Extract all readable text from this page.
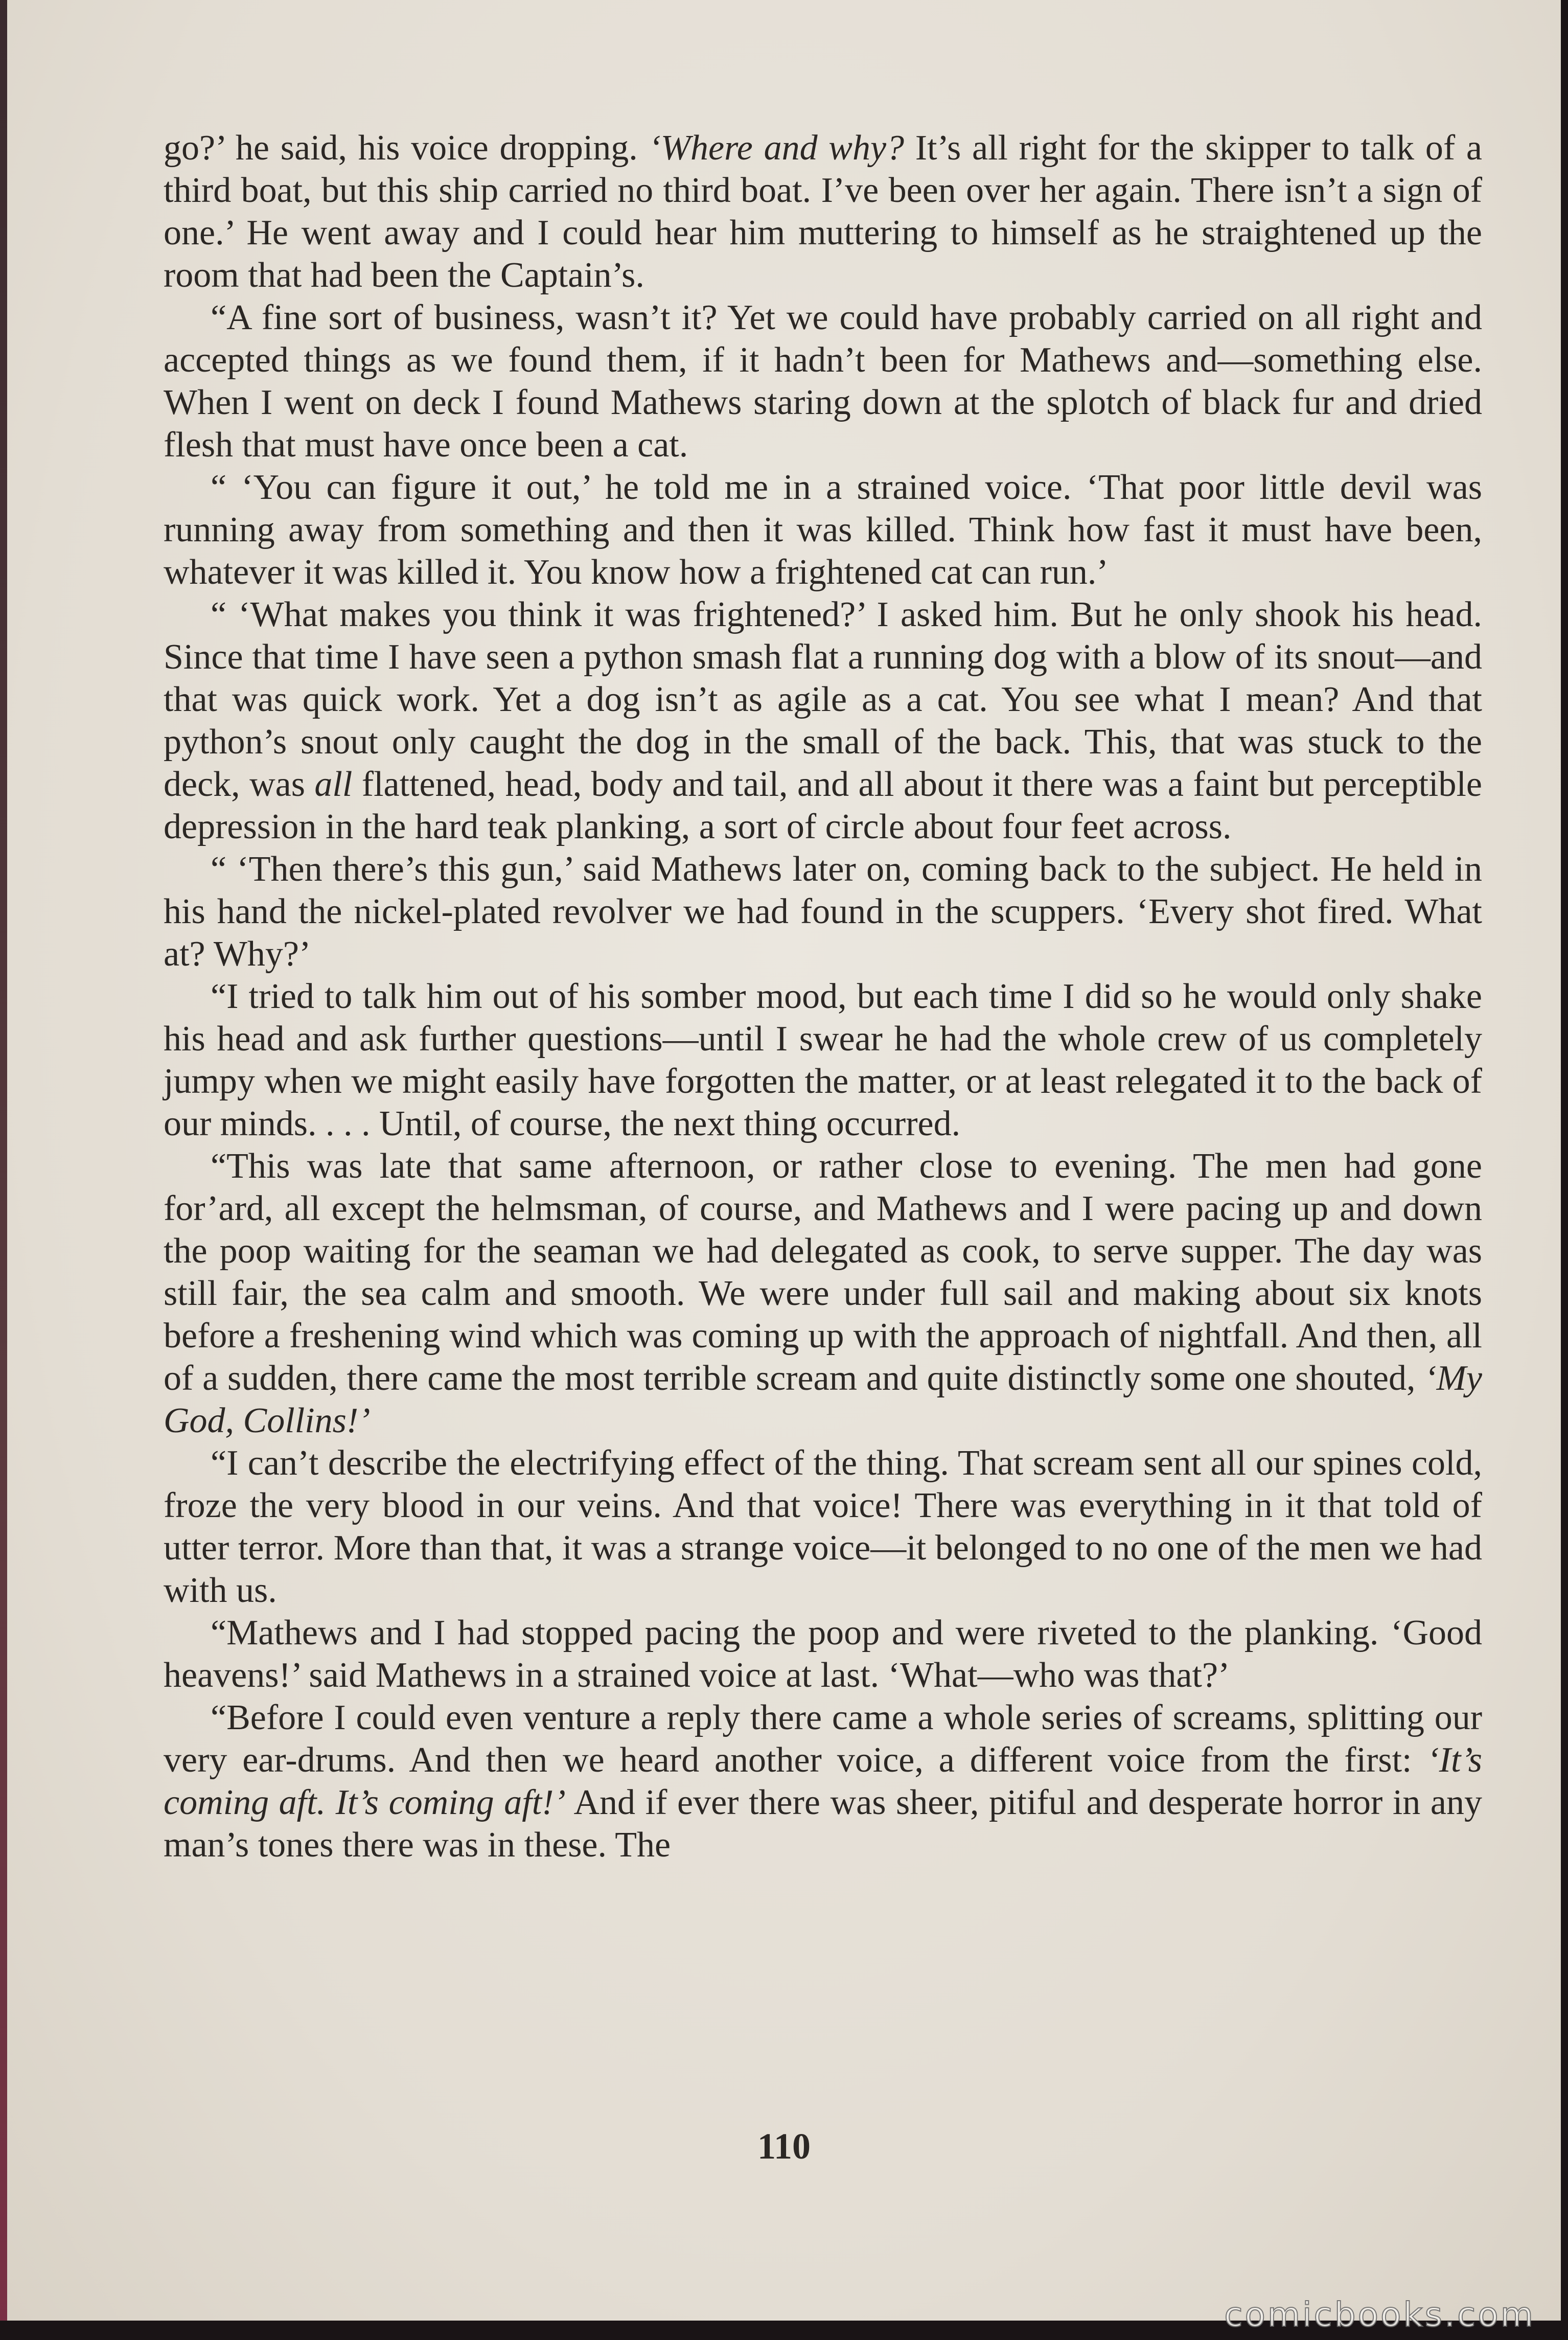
go?’ he said, his voice dropping. ‘Where and why? It’s all right for the skipper to talk of a third boat, but this ship carried no third boat. I’ve been over her again. There isn’t a sign of one.’ He went away and I could hear him muttering to himself as he straightened up the room that had been the Captain’s.

“A fine sort of business, wasn’t it? Yet we could have probably carried on all right and accepted things as we found them, if it hadn’t been for Mathews and—something else. When I went on deck I found Mathews staring down at the splotch of black fur and dried flesh that must have once been a cat.

“ ‘You can figure it out,’ he told me in a strained voice. ‘That poor little devil was running away from something and then it was killed. Think how fast it must have been, whatever it was killed it. You know how a frightened cat can run.’

“ ‘What makes you think it was frightened?’ I asked him. But he only shook his head. Since that time I have seen a python smash flat a running dog with a blow of its snout—and that was quick work. Yet a dog isn’t as agile as a cat. You see what I mean? And that python’s snout only caught the dog in the small of the back. This, that was stuck to the deck, was all flattened, head, body and tail, and all about it there was a faint but perceptible depression in the hard teak planking, a sort of circle about four feet across.

“ ‘Then there’s this gun,’ said Mathews later on, coming back to the subject. He held in his hand the nickel-plated revolver we had found in the scuppers. ‘Every shot fired. What at? Why?’

“I tried to talk him out of his somber mood, but each time I did so he would only shake his head and ask further questions—until I swear he had the whole crew of us completely jumpy when we might easily have forgotten the matter, or at least relegated it to the back of our minds. . . . Until, of course, the next thing occurred.

“This was late that same afternoon, or rather close to evening. The men had gone for’ard, all except the helmsman, of course, and Mathews and I were pacing up and down the poop waiting for the seaman we had delegated as cook, to serve supper. The day was still fair, the sea calm and smooth. We were under full sail and making about six knots before a freshening wind which was coming up with the approach of nightfall. And then, all of a sudden, there came the most terrible scream and quite distinctly some one shouted, ‘My God, Collins!’

“I can’t describe the electrifying effect of the thing. That scream sent all our spines cold, froze the very blood in our veins. And that voice! There was everything in it that told of utter terror. More than that, it was a strange voice—it belonged to no one of the men we had with us.

“Mathews and I had stopped pacing the poop and were riveted to the planking. ‘Good heavens!’ said Mathews in a strained voice at last. ‘What—who was that?’

“Before I could even venture a reply there came a whole series of screams, splitting our very ear-drums. And then we heard another voice, a different voice from the first: ‘It’s coming aft. It’s coming aft!’ And if ever there was sheer, pitiful and desperate horror in any man’s tones there was in these. The

110
comicbooks.com
